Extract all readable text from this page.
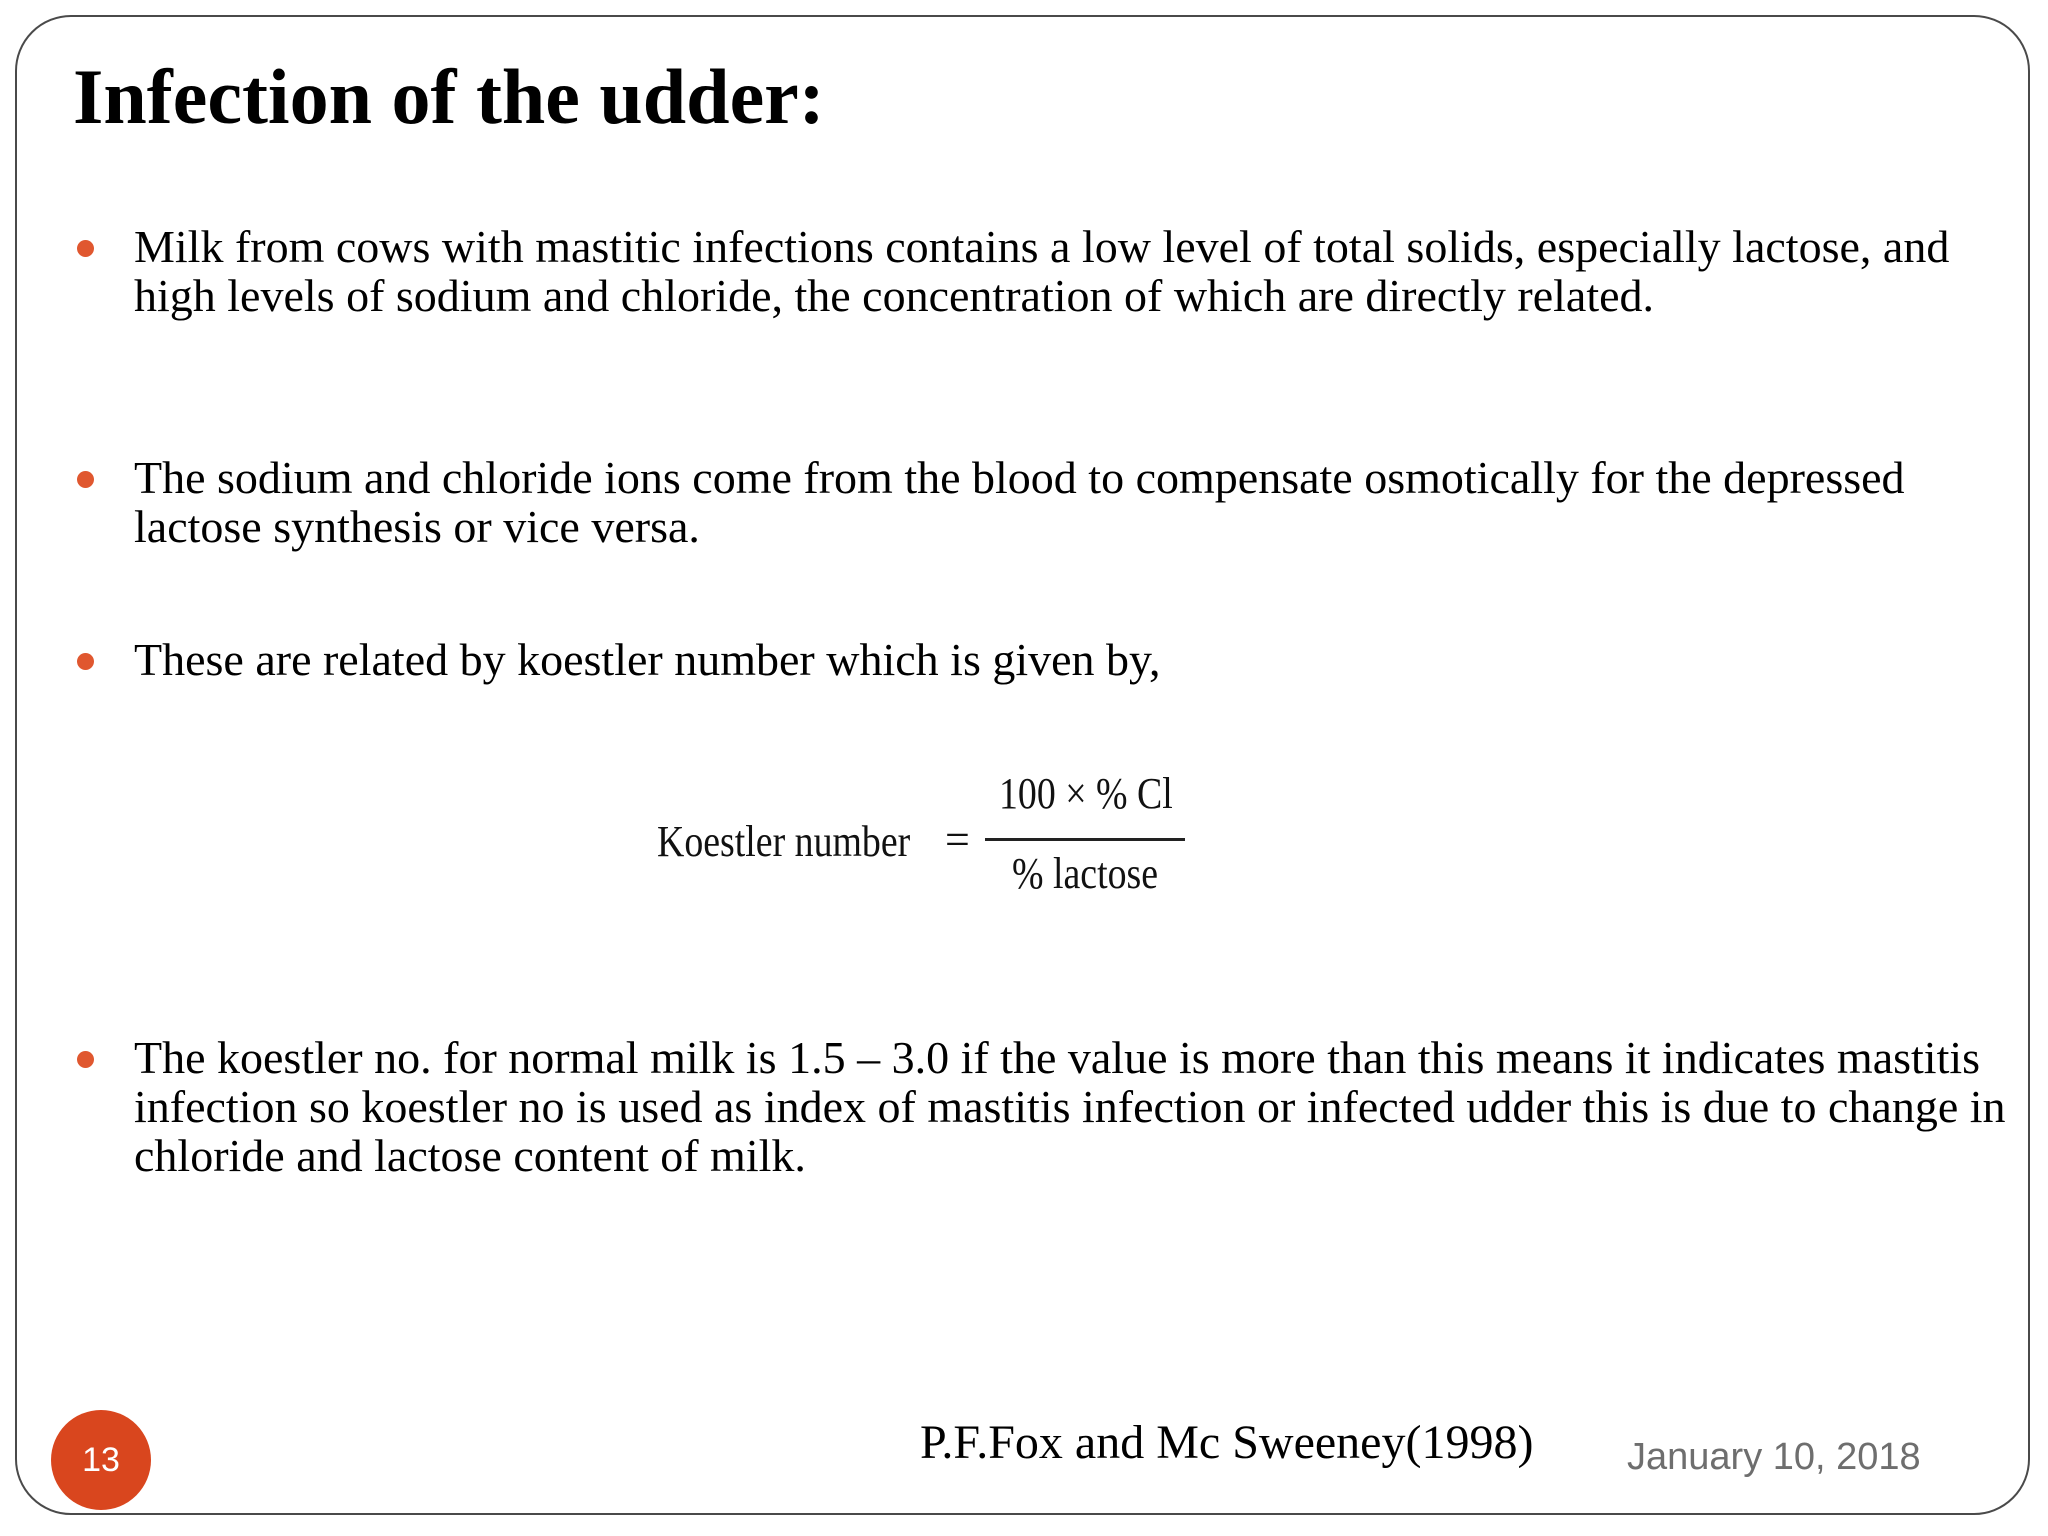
Infection of the udder:

Milk from cows with mastitic infections contains a low level of total solids, especially lactose, and high levels of sodium and chloride, the concentration of which are directly related.

The sodium and chloride ions come from the blood to compensate osmotically for the depressed lactose synthesis or vice versa.

These are related by koestler number which is given by,

Koestler number =
100 × % Cl
% lactose

The koestler no. for normal milk is 1.5 – 3.0 if the value is more than this means it indicates mastitis infection so koestler no is used as index of mastitis infection or infected udder this is due to change in chloride and lactose content of milk.

P.F.Fox and Mc Sweeney(1998) January 10, 2018
13
